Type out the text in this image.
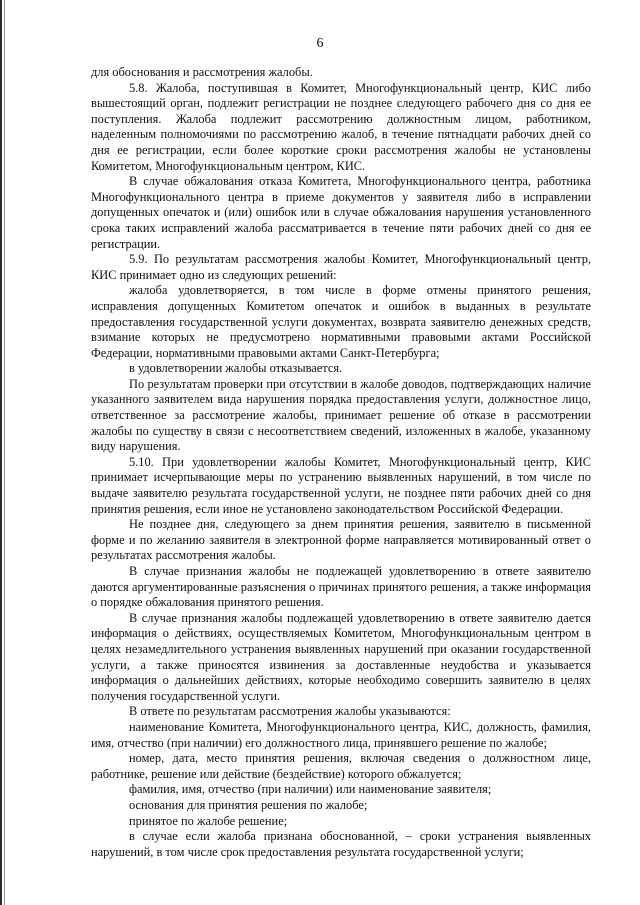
6

для обоснования и рассмотрения жалобы.

5.8. Жалоба, поступившая в Комитет, Многофункциональный центр, КИС либо вышестоящий орган, подлежит регистрации не позднее следующего рабочего дня со дня ее поступления. Жалоба подлежит рассмотрению должностным лицом, работником, наделенным полномочиями по рассмотрению жалоб, в течение пятнадцати рабочих дней со дня ее регистрации, если более короткие сроки рассмотрения жалобы не установлены Комитетом, Многофункциональным центром, КИС.

В случае обжалования отказа Комитета, Многофункционального центра, работника Многофункционального центра в приеме документов у заявителя либо в исправлении допущенных опечаток и (или) ошибок или в случае обжалования нарушения установленного срока таких исправлений жалоба рассматривается в течение пяти рабочих дней со дня ее регистрации.

5.9. По результатам рассмотрения жалобы Комитет, Многофункциональный центр, КИС принимает одно из следующих решений:

жалоба удовлетворяется, в том числе в форме отмены принятого решения, исправления допущенных Комитетом опечаток и ошибок в выданных в результате предоставления государственной услуги документах, возврата заявителю денежных средств, взимание которых не предусмотрено нормативными правовыми актами Российской Федерации, нормативными правовыми актами Санкт-Петербурга;

в удовлетворении жалобы отказывается.

По результатам проверки при отсутствии в жалобе доводов, подтверждающих наличие указанного заявителем вида нарушения порядка предоставления услуги, должностное лицо, ответственное за рассмотрение жалобы, принимает решение об отказе в рассмотрении жалобы по существу в связи с несоответствием сведений, изложенных в жалобе, указанному виду нарушения.

5.10. При удовлетворении жалобы Комитет, Многофункциональный центр, КИС принимает исчерпывающие меры по устранению выявленных нарушений, в том числе по выдаче заявителю результата государственной услуги, не позднее пяти рабочих дней со дня принятия решения, если иное не установлено законодательством Российской Федерации.

Не позднее дня, следующего за днем принятия решения, заявителю в письменной форме и по желанию заявителя в электронной форме направляется мотивированный ответ о результатах рассмотрения жалобы.

В случае признания жалобы не подлежащей удовлетворению в ответе заявителю даются аргументированные разъяснения о причинах принятого решения, а также информация о порядке обжалования принятого решения.

В случае признания жалобы подлежащей удовлетворению в ответе заявителю дается информация о действиях, осуществляемых Комитетом, Многофункциональным центром в целях незамедлительного устранения выявленных нарушений при оказании государственной услуги, а также приносятся извинения за доставленные неудобства и указывается информация о дальнейших действиях, которые необходимо совершить заявителю в целях получения государственной услуги.

В ответе по результатам рассмотрения жалобы указываются:

наименование Комитета, Многофункционального центра, КИС, должность, фамилия, имя, отчество (при наличии) его должностного лица, принявшего решение по жалобе;

номер, дата, место принятия решения, включая сведения о должностном лице, работнике, решение или действие (бездействие) которого обжалуется;

фамилия, имя, отчество (при наличии) или наименование заявителя;

основания для принятия решения по жалобе;

принятое по жалобе решение;

в случае если жалоба признана обоснованной, – сроки устранения выявленных нарушений, в том числе срок предоставления результата государственной услуги;
